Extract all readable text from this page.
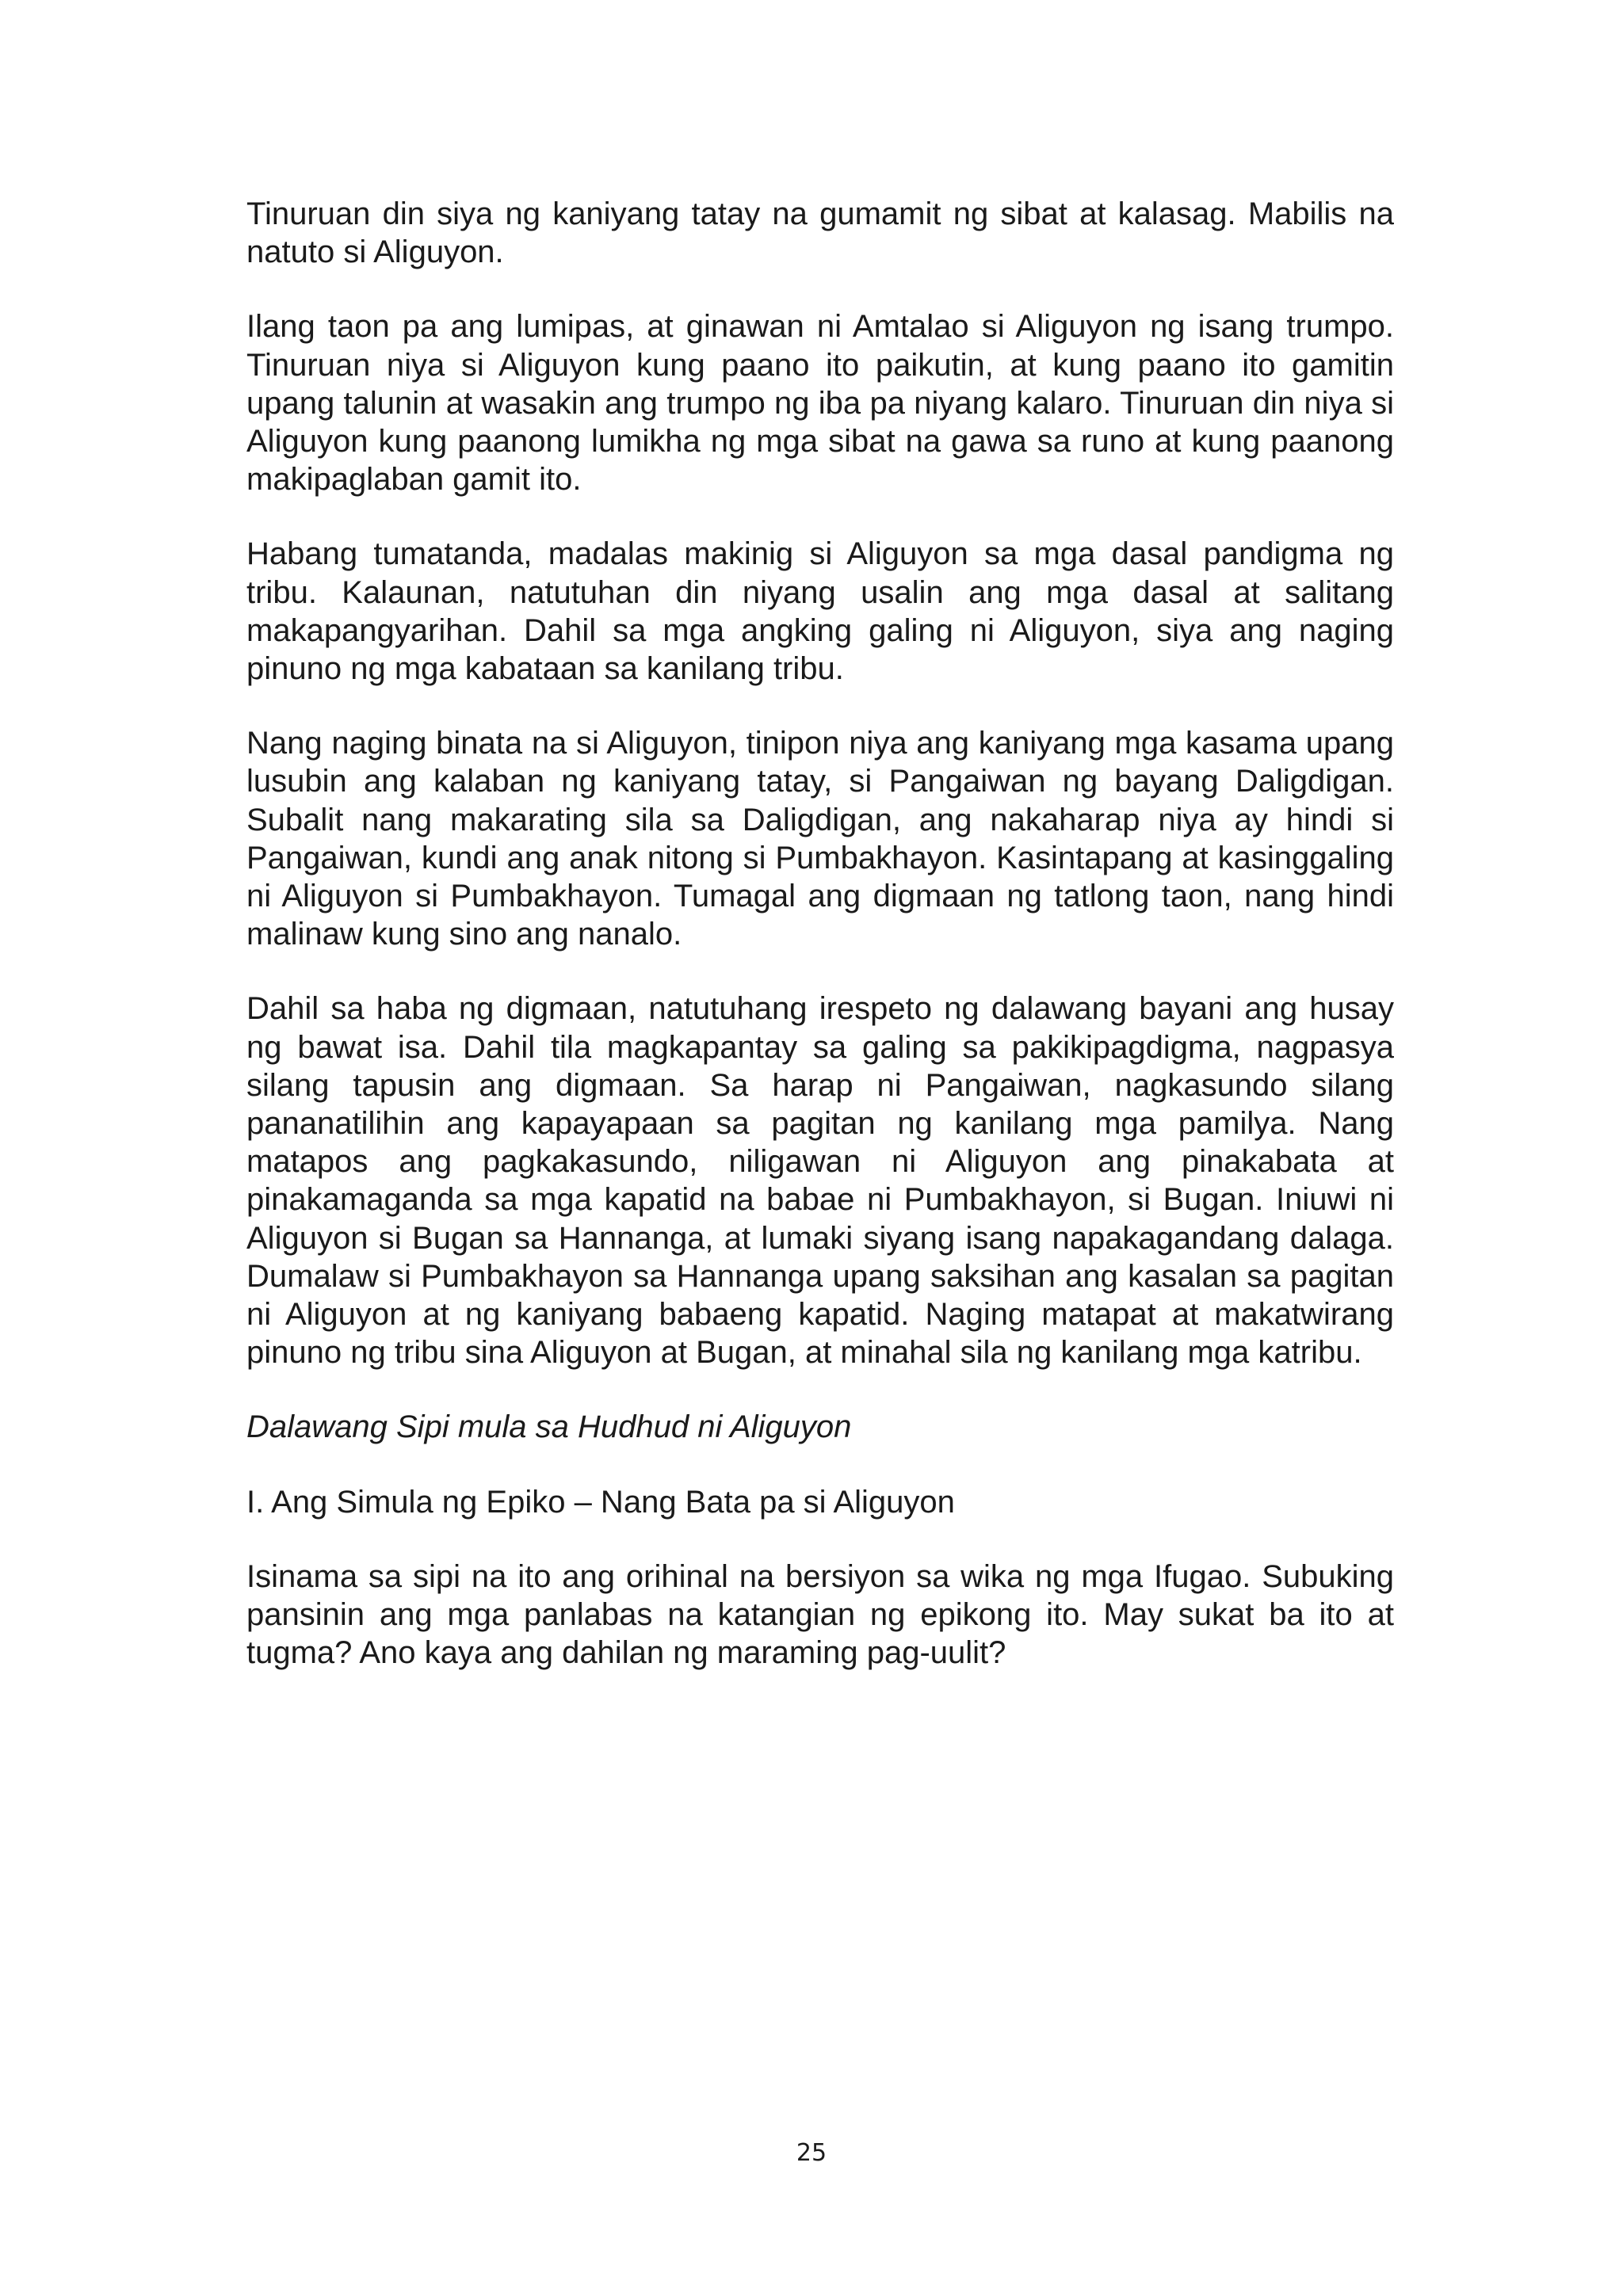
Tinuruan din siya ng kaniyang tatay na gumamit ng sibat at kalasag. Mabilis na natuto si Aliguyon.

Ilang taon pa ang lumipas, at ginawan ni Amtalao si Aliguyon ng isang trumpo. Tinuruan niya si Aliguyon kung paano ito paikutin, at kung paano ito gamitin upang talunin at wasakin ang trumpo ng iba pa niyang kalaro. Tinuruan din niya si Aliguyon kung paanong lumikha ng mga sibat na gawa sa runo at kung paanong makipaglaban gamit ito.

Habang tumatanda, madalas makinig si Aliguyon sa mga dasal pandigma ng tribu. Kalaunan, natutuhan din niyang usalin ang mga dasal at salitang makapangyarihan. Dahil sa mga angking galing ni Aliguyon, siya ang naging pinuno ng mga kabataan sa kanilang tribu.

Nang naging binata na si Aliguyon, tinipon niya ang kaniyang mga kasama upang lusubin ang kalaban ng kaniyang tatay, si Pangaiwan ng bayang Daligdigan. Subalit nang makarating sila sa Daligdigan, ang nakaharap niya ay hindi si Pangaiwan, kundi ang anak nitong si Pumbakhayon. Kasintapang at kasinggaling ni Aliguyon si Pumbakhayon. Tumagal ang digmaan ng tatlong taon, nang hindi malinaw kung sino ang nanalo.

Dahil sa haba ng digmaan, natutuhang irespeto ng dalawang bayani ang husay ng bawat isa. Dahil tila magkapantay sa galing sa pakikipagdigma, nagpasya silang tapusin ang digmaan. Sa harap ni Pangaiwan, nagkasundo silang pananatilihin ang kapayapaan sa pagitan ng kanilang mga pamilya. Nang matapos ang pagkakasundo, niligawan ni Aliguyon ang pinakabata at pinakamaganda sa mga kapatid na babae ni Pumbakhayon, si Bugan. Iniuwi ni Aliguyon si Bugan sa Hannanga, at lumaki siyang isang napakagandang dalaga. Dumalaw si Pumbakhayon sa Hannanga upang saksihan ang kasalan sa pagitan ni Aliguyon at ng kaniyang babaeng kapatid. Naging matapat at makatwirang pinuno ng tribu sina Aliguyon at Bugan, at minahal sila ng kanilang mga katribu.

Dalawang Sipi mula sa Hudhud ni Aliguyon

I. Ang Simula ng Epiko – Nang Bata pa si Aliguyon

Isinama sa sipi na ito ang orihinal na bersiyon sa wika ng mga Ifugao. Subuking pansinin ang mga panlabas na katangian ng epikong ito. May sukat ba ito at tugma? Ano kaya ang dahilan ng maraming pag-uulit?

25
